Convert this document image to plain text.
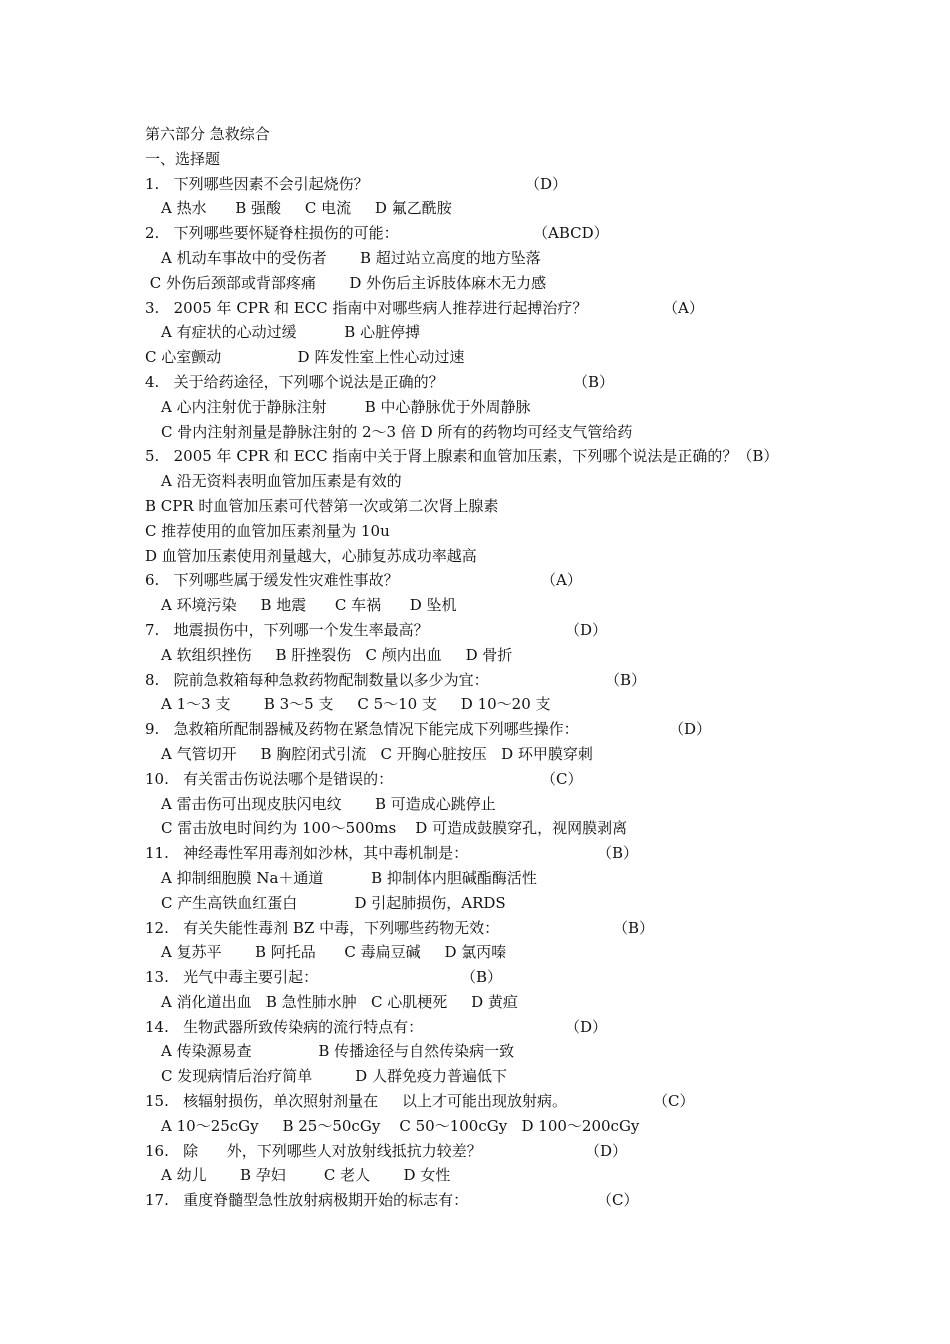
第六部分 急救综合
一、选择题
1.   下列哪些因素不会引起烧伤？	（D）
A 热水      B 强酸     C 电流     D 氟乙酰胺
2.   下列哪些要怀疑脊柱损伤的可能：	（ABCD）
A 机动车事故中的受伤者       B 超过站立高度的地方坠落
C 外伤后颈部或背部疼痛       D 外伤后主诉肢体麻木无力感
3.   2005 年 CPR 和 ECC 指南中对哪些病人推荐进行起搏治疗？	（A）
A 有症状的心动过缓          B 心脏停搏
C 心室颤动                D 阵发性室上性心动过速
4.   关于给药途径，下列哪个说法是正确的？	（B）
A 心内注射优于静脉注射        B 中心静脉优于外周静脉
C 骨内注射剂量是静脉注射的 2～3 倍 D 所有的药物均可经支气管给药
5.   2005 年 CPR 和 ECC 指南中关于肾上腺素和血管加压素，下列哪个说法是正确的？（B）
A 沿无资料表明血管加压素是有效的
B CPR 时血管加压素可代替第一次或第二次肾上腺素
C 推荐使用的血管加压素剂量为 10u
D 血管加压素使用剂量越大，心肺复苏成功率越高
6.   下列哪些属于缓发性灾难性事故？	（A）
A 环境污染     B 地震      C 车祸      D 坠机
7.   地震损伤中，下列哪一个发生率最高？	（D）
A 软组织挫伤     B 肝挫裂伤   C 颅内出血     D 骨折
8.   院前急救箱每种急救药物配制数量以多少为宜：	（B）
A 1～3 支       B 3～5 支     C 5～10 支     D 10～20 支
9.   急救箱所配制器械及药物在紧急情况下能完成下列哪些操作：	（D）
A 气管切开     B 胸腔闭式引流   C 开胸心脏按压   D 环甲膜穿刺
10.   有关雷击伤说法哪个是错误的：	（C）
A 雷击伤可出现皮肤闪电纹       B 可造成心跳停止
C 雷击放电时间约为 100～500ms    D 可造成鼓膜穿孔，视网膜剥离
11.   神经毒性军用毒剂如沙林，其中毒机制是：	（B）
A 抑制细胞膜 Na＋通道          B 抑制体内胆碱酯酶活性
C 产生高铁血红蛋白            D 引起肺损伤，ARDS
12.   有关失能性毒剂 BZ 中毒，下列哪些药物无效：	（B）
A 复苏平       B 阿托品      C 毒扁豆碱     D 氯丙嗪
13.   光气中毒主要引起：	（B）
A 消化道出血   B 急性肺水肿   C 心肌梗死     D 黄疸
14.   生物武器所致传染病的流行特点有：	（D）
A 传染源易查              B 传播途径与自然传染病一致
C 发现病情后治疗简单         D 人群免疫力普遍低下
15.   核辐射损伤，单次照射剂量在     以上才可能出现放射病。	（C）
A 10～25cGy     B 25～50cGy    C 50～100cGy   D 100～200cGy
16.   除      外，下列哪些人对放射线抵抗力较差？	（D）
A 幼儿       B 孕妇        C 老人       D 女性
17.   重度脊髓型急性放射病极期开始的标志有：	（C）
